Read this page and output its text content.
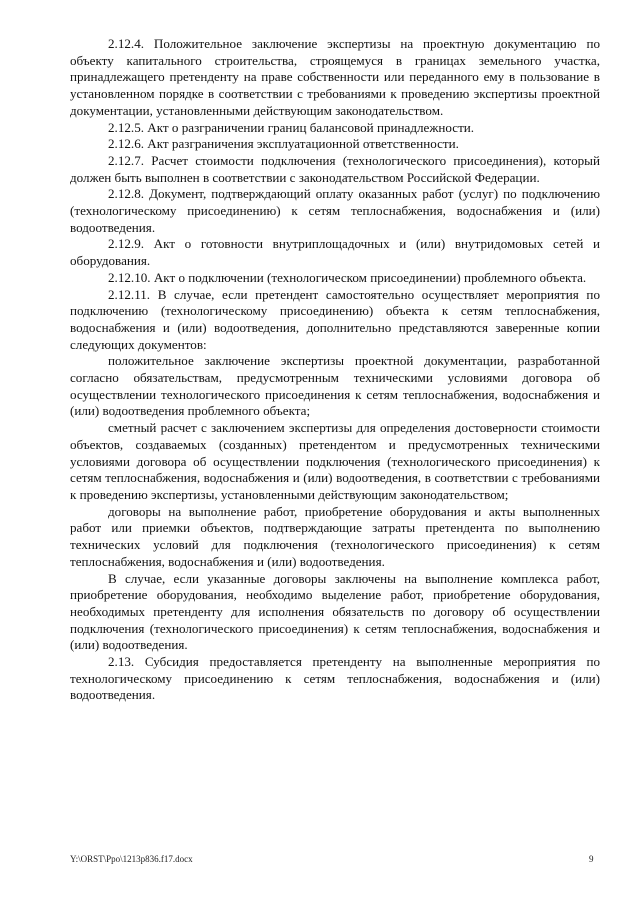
2.12.4. Положительное заключение экспертизы на проектную документацию по объекту капитального строительства, строящемуся в границах земельного участка, принадлежащего претенденту на праве собственности или переданного ему в пользование в установленном порядке в соответствии с требованиями к проведению экспертизы проектной документации, установленными действующим законодательством.

2.12.5. Акт о разграничении границ балансовой принадлежности.

2.12.6. Акт разграничения эксплуатационной ответственности.

2.12.7. Расчет стоимости подключения (технологического присоединения), который должен быть выполнен в соответствии с законодательством Российской Федерации.

2.12.8. Документ, подтверждающий оплату оказанных работ (услуг) по подключению (технологическому присоединению) к сетям теплоснабжения, водоснабжения и (или) водоотведения.

2.12.9. Акт о готовности внутриплощадочных и (или) внутридомовых сетей и оборудования.

2.12.10. Акт о подключении (технологическом присоединении) проблемного объекта.

2.12.11. В случае, если претендент самостоятельно осуществляет мероприятия по подключению (технологическому присоединению) объекта к сетям теплоснабжения, водоснабжения и (или) водоотведения, дополнительно представляются заверенные копии следующих документов:

положительное заключение экспертизы проектной документации, разработанной согласно обязательствам, предусмотренным техническими условиями договора об осуществлении технологического присоединения к сетям теплоснабжения, водоснабжения и (или) водоотведения проблемного объекта;

сметный расчет с заключением экспертизы для определения достоверности стоимости объектов, создаваемых (созданных) претендентом и предусмотренных техническими условиями договора об осуществлении подключения (технологического присоединения) к сетям теплоснабжения, водоснабжения и (или) водоотведения, в соответствии с требованиями к проведению экспертизы, установленными действующим законодательством;

договоры на выполнение работ, приобретение оборудования и акты выполненных работ или приемки объектов, подтверждающие затраты претендента по выполнению технических условий для подключения (технологического присоединения) к сетям теплоснабжения, водоснабжения и (или) водоотведения.

В случае, если указанные договоры заключены на выполнение комплекса работ, приобретение оборудования, необходимо выделение работ, приобретение оборудования, необходимых претенденту для исполнения обязательств по договору об осуществлении подключения (технологического присоединения) к сетям теплоснабжения, водоснабжения и (или) водоотведения.

2.13. Субсидия предоставляется претенденту на выполненные мероприятия по технологическому присоединению к сетям теплоснабжения, водоснабжения и (или) водоотведения.

Y:\ORST\Ppo\1213p836.f17.docx	9
